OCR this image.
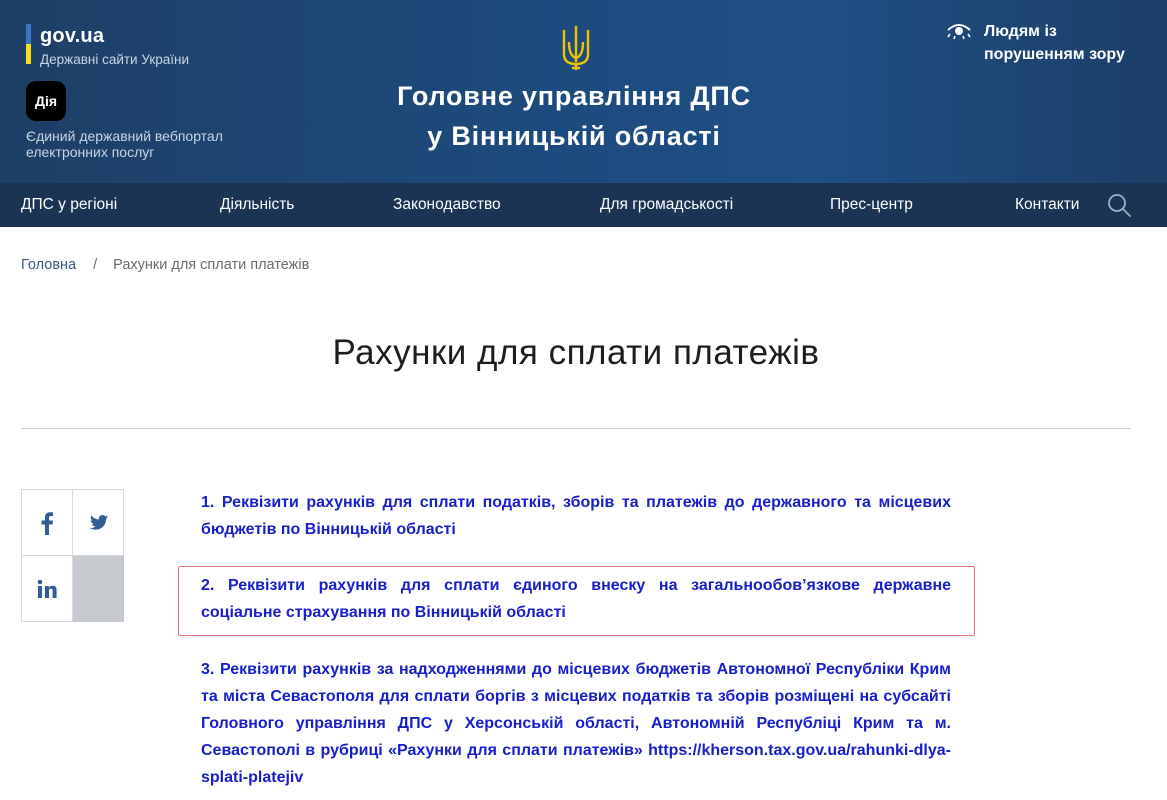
gov.ua
Державні сайти України
Дія
Єдиний державний вебпортал електронних послуг
Головне управління ДПС
у Вінницькій області
Людям із
порушенням зору
ДПС у регіоні	Діяльність	Законодавство	Для громадськості	Прес-центр	Контакти
Головна / Рахунки для сплати платежів
Рахунки для сплати платежів

1. Реквізити рахунків для сплати податків, зборів та платежів до державного та місцевих бюджетів по Вінницькій області

2. Реквізити рахунків для сплати єдиного внеску на загальнообов’язкове державне соціальне страхування по Вінницькій області

3. Реквізити рахунків за надходженнями до місцевих бюджетів Автономної Республіки Крим та міста Севастополя для сплати боргів з місцевих податків та зборів розміщені на субсайті Головного управління ДПС у Херсонській області, Автономній Республіці Крим та м. Севастополі в рубриці «Рахунки для сплати платежів» https://kherson.tax.gov.ua/rahunki-dlya-splati-platejiv
